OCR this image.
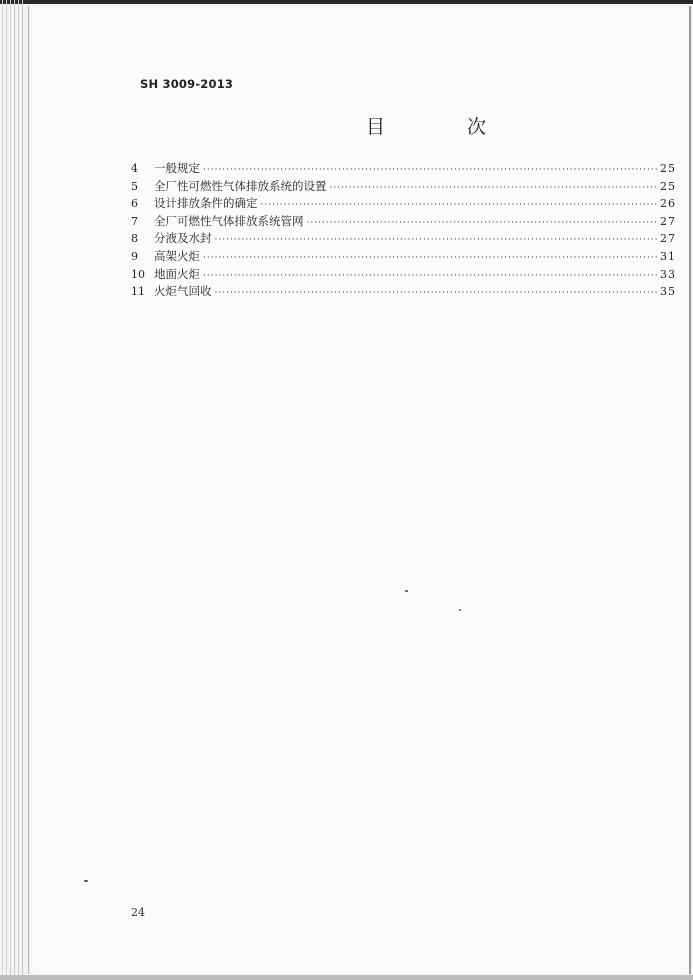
SH 3009-2013
目 次
4	一般规定 ·····	25
5	全厂性可燃性气体排放系统的设置 ·····	25
6	设计排放条件的确定 ·····	26
7	全厂可燃性气体排放系统管网 ·····	27
8	分液及水封 ·····	27
9	高架火炬 ·····	31
10 地面火炬 ·····	33
11 火炬气回收 ·····	35
24
